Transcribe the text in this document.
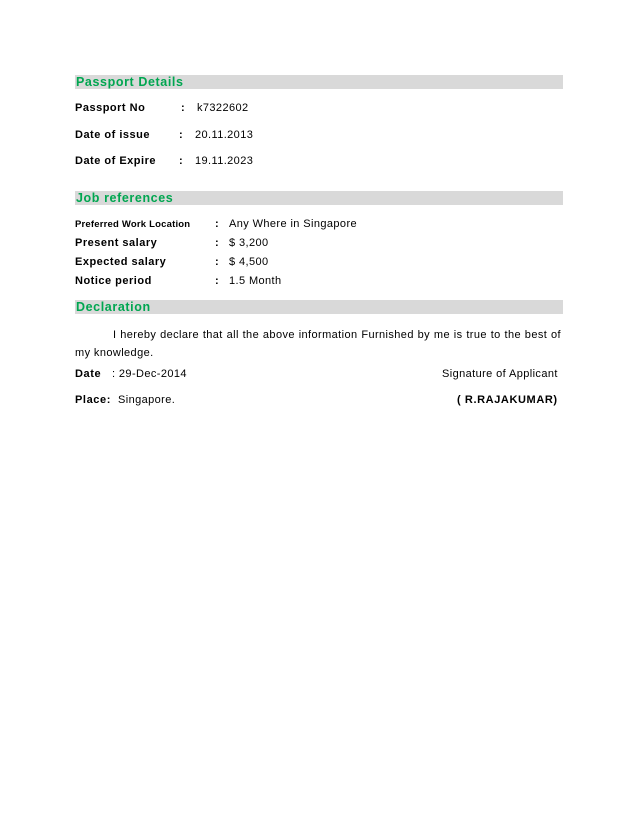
Passport Details
Passport No	: k7322602
Date of issue	: 20.11.2013
Date of Expire : 19.11.2023
Job references
Preferred Work Location : Any Where in Singapore
Present salary	: $ 3,200
Expected salary	: $ 4,500
Notice period	: 1.5 Month
Declaration
I hereby declare that all the above information Furnished by me is true to the best of my knowledge.
Date : 29-Dec-2014	Signature of Applicant
Place: Singapore.	( R.RAJAKUMAR)
